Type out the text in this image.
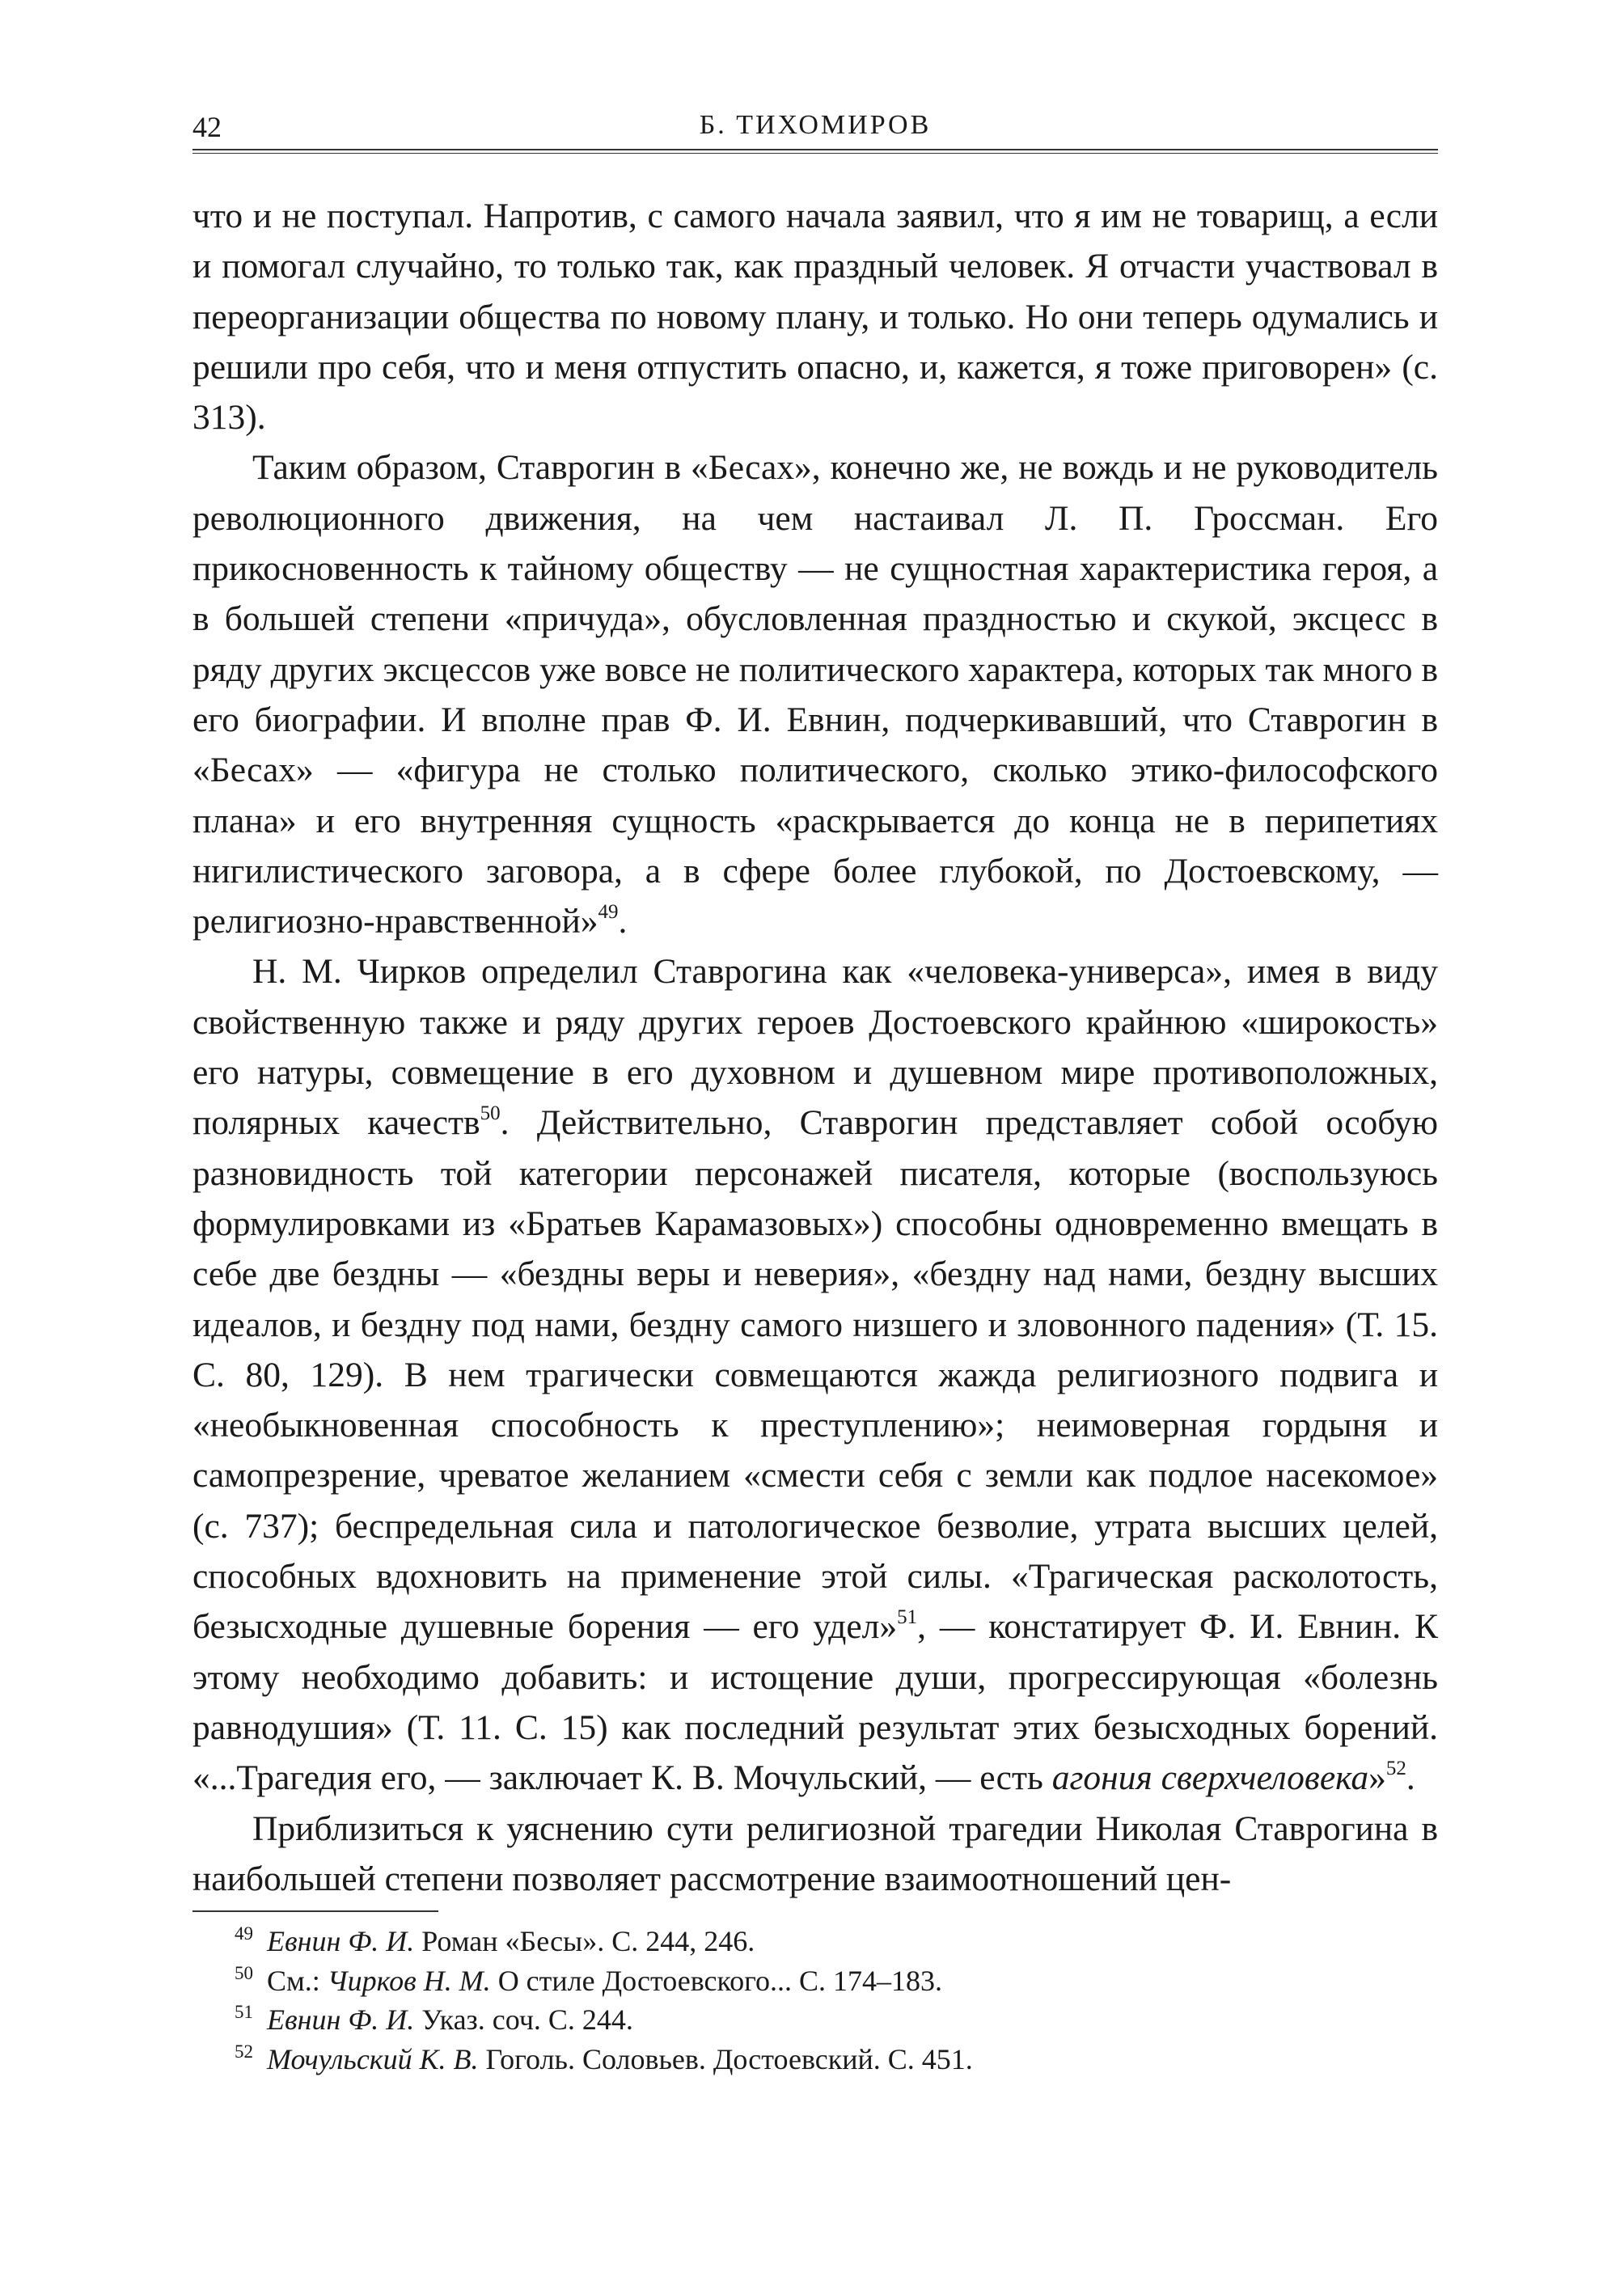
42	Б. ТИХОМИРОВ

что и не поступал. Напротив, с самого начала заявил, что я им не товарищ, а если и помогал случайно, то только так, как праздный человек. Я отчасти участвовал в переорганизации общества по новому плану, и только. Но они теперь одумались и решили про себя, что и меня отпустить опасно, и, кажется, я тоже приговорен» (с. 313).

Таким образом, Ставрогин в «Бесах», конечно же, не вождь и не руководитель революционного движения, на чем настаивал Л. П. Гроссман. Его прикосновенность к тайному обществу — не сущностная характеристика героя, а в большей степени «причуда», обусловленная праздностью и скукой, эксцесс в ряду других эксцессов уже вовсе не политического характера, которых так много в его биографии. И вполне прав Ф. И. Евнин, подчеркивавший, что Ставрогин в «Бесах» — «фигура не столько политического, сколько этико-философского плана» и его внутренняя сущность «раскрывается до конца не в перипетиях нигилистического заговора, а в сфере более глубокой, по Достоевскому, — религиозно-нравственной»$^{49}$.

Н. М. Чирков определил Ставрогина как «человека-универса», имея в виду свойственную также и ряду других героев Достоевского крайнюю «широкость» его натуры, совмещение в его духовном и душевном мире противоположных, полярных качеств$^{50}$. Действительно, Ставрогин представляет собой особую разновидность той категории персонажей писателя, которые (воспользуюсь формулировками из «Братьев Карамазовых») способны одновременно вмещать в себе две бездны — «бездны веры и неверия», «бездну над нами, бездну высших идеалов, и бездну под нами, бездну самого низшего и зловонного падения» (Т. 15. С. 80, 129). В нем трагически совмещаются жажда религиозного подвига и «необыкновенная способность к преступлению»; неимоверная гордыня и самопрезрение, чреватое желанием «смести себя с земли как подлое насекомое» (с. 737); беспредельная сила и патологическое безволие, утрата высших целей, способных вдохновить на применение этой силы. «Трагическая расколотость, безысходные душевные борения — его удел»$^{51}$, — констатирует Ф. И. Евнин. К этому необходимо добавить: и истощение души, прогрессирующая «болезнь равнодушия» (Т. 11. С. 15) как последний результат этих безысходных борений. «...Трагедия его, — заключает К. В. Мочульский, — есть агония сверхчеловека»$^{52}$.

Приблизиться к уяснению сути религиозной трагедии Николая Ставрогина в наибольшей степени позволяет рассмотрение взаимоотношений цен-

49 Евнин Ф. И. Роман «Бесы». С. 244, 246.

50 См.: Чирков Н. М. О стиле Достоевского... С. 174–183.

51 Евнин Ф. И. Указ. соч. С. 244.

52 Мочульский К. В. Гоголь. Соловьев. Достоевский. С. 451.
